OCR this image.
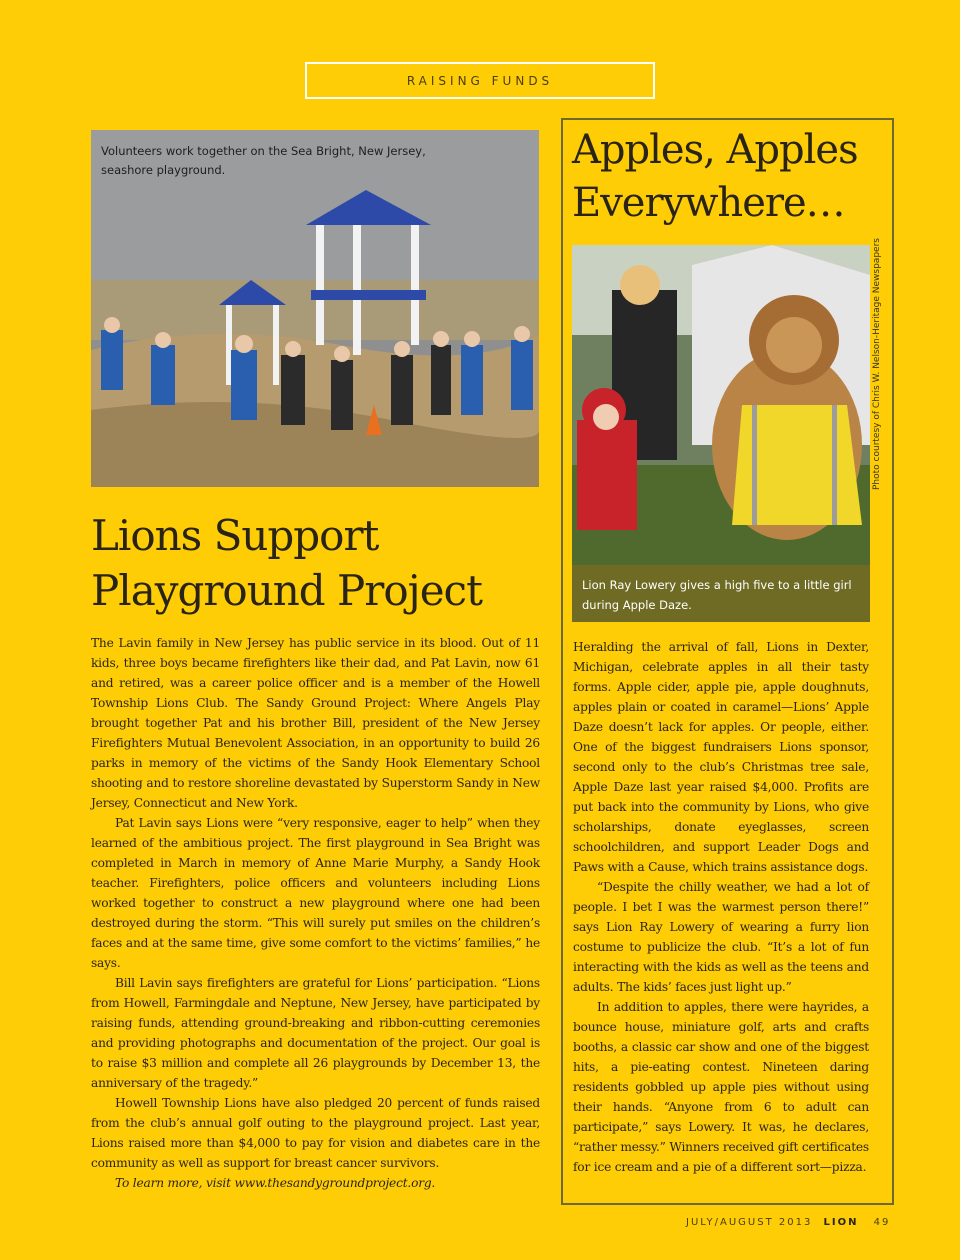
RAISING FUNDS
Volunteers work together on the Sea Bright, New Jersey, seashore playground.
Lions Support
Playground Project

The Lavin family in New Jersey has public service in its blood. Out of 11 kids, three boys became firefighters like their dad, and Pat Lavin, now 61 and retired, was a career police officer and is a member of the Howell Township Lions Club. The Sandy Ground Project: Where Angels Play brought together Pat and his brother Bill, president of the New Jersey Firefighters Mutual Benevolent Association, in an opportunity to build 26 parks in memory of the victims of the Sandy Hook Elementary School shooting and to restore shoreline devastated by Superstorm Sandy in New Jersey, Connecticut and New York.

Pat Lavin says Lions were “very responsive, eager to help” when they learned of the ambitious project. The first playground in Sea Bright was completed in March in memory of Anne Marie Murphy, a Sandy Hook teacher. Firefighters, police officers and volunteers including Lions worked together to construct a new playground where one had been destroyed during the storm. “This will surely put smiles on the children’s faces and at the same time, give some comfort to the victims’ families,” he says.

Bill Lavin says firefighters are grateful for Lions’ participation. “Lions from Howell, Farmingdale and Neptune, New Jersey, have participated by raising funds, attending ground-breaking and ribbon-cutting ceremonies and providing photographs and documentation of the project. Our goal is to raise $3 million and complete all 26 playgrounds by December 13, the anniversary of the tragedy.”

Howell Township Lions have also pledged 20 percent of funds raised from the club’s annual golf outing to the playground project. Last year, Lions raised more than $4,000 to pay for vision and diabetes care in the community as well as support for breast cancer survivors.

To learn more, visit www.thesandygroundproject.org.

Apples, Apples
Everywhere…
Photo courtesy of Chris W. Nelson-Heritage Newspapers
Lion Ray Lowery gives a high five to a little girl during Apple Daze.

Heralding the arrival of fall, Lions in Dexter, Michigan, celebrate apples in all their tasty forms. Apple cider, apple pie, apple doughnuts, apples plain or coated in caramel—Lions’ Apple Daze doesn’t lack for apples. Or people, either. One of the biggest fundraisers Lions sponsor, second only to the club’s Christmas tree sale, Apple Daze last year raised $4,000. Profits are put back into the community by Lions, who give scholarships, donate eyeglasses, screen schoolchildren, and support Leader Dogs and Paws with a Cause, which trains assistance dogs.

“Despite the chilly weather, we had a lot of people. I bet I was the warmest person there!” says Lion Ray Lowery of wearing a furry lion costume to publicize the club. “It’s a lot of fun interacting with the kids as well as the teens and adults. The kids’ faces just light up.”

In addition to apples, there were hayrides, a bounce house, miniature golf, arts and crafts booths, a classic car show and one of the biggest hits, a pie-eating contest. Nineteen daring residents gobbled up apple pies without using their hands. “Anyone from 6 to adult can participate,” says Lowery. It was, he declares, “rather messy.” Winners received gift certificates for ice cream and a pie of a different sort—pizza.

JULY/AUGUST 2013 LION 49
